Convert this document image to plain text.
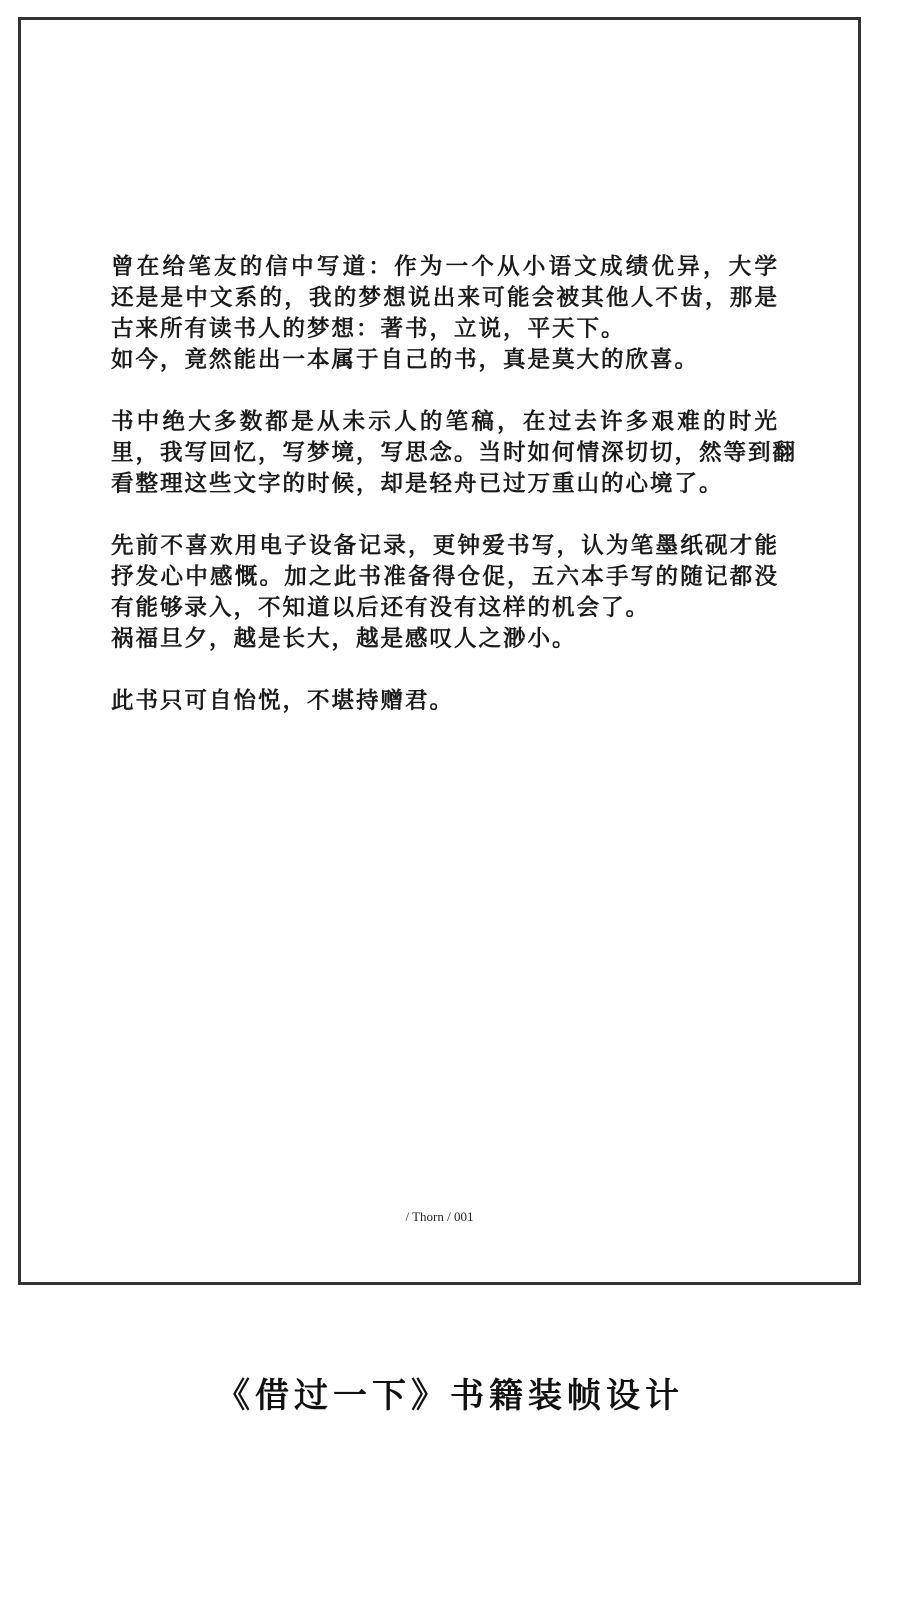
曾在给笔友的信中写道：作为一个从小语文成绩优异，大学
还是是中文系的，我的梦想说出来可能会被其他人不齿，那是
古来所有读书人的梦想：著书，立说，平天下。
如今，竟然能出一本属于自己的书，真是莫大的欣喜。

书中绝大多数都是从未示人的笔稿，在过去许多艰难的时光
里，我写回忆，写梦境，写思念。当时如何情深切切，然等到翻
看整理这些文字的时候，却是轻舟已过万重山的心境了。

先前不喜欢用电子设备记录，更钟爱书写，认为笔墨纸砚才能
抒发心中感慨。加之此书准备得仓促，五六本手写的随记都没
有能够录入，不知道以后还有没有这样的机会了。
祸福旦夕，越是长大，越是感叹人之渺小。

此书只可自怡悦，不堪持赠君。

/ Thorn / 001
《借过一下》书籍装帧设计
